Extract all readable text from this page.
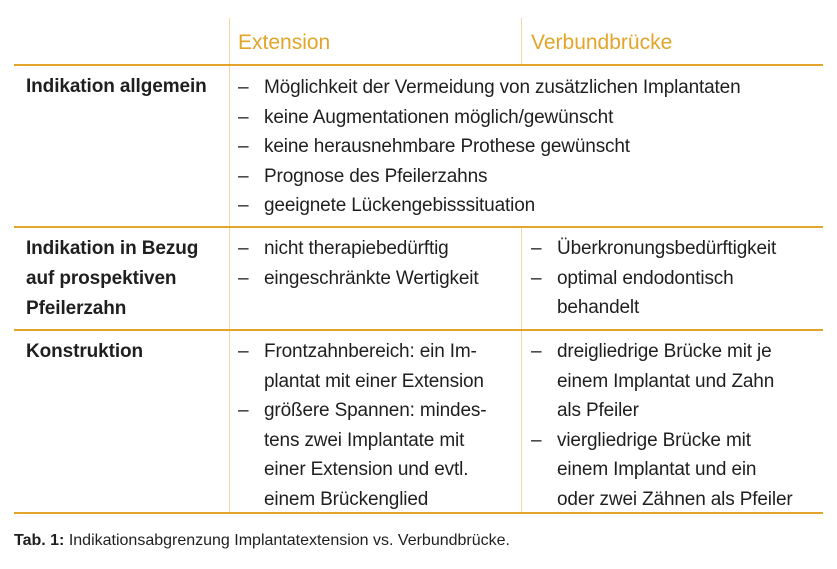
Extension	Verbundbrücke
Indikation allgemein – Möglichkeit der Vermeidung von zusätzlichen Implantaten
– keine Augmentationen möglich/gewünscht
– keine herausnehmbare Prothese gewünscht
– Prognose des Pfeilerzahns
– geeignete Lückengebisssituation
Indikation in Bezug
auf prospektiven
Pfeilerzahn
– nicht therapiebedürftig
– eingeschränkte Wertigkeit
– Überkronungsbedürftigkeit
– optimal endodontisch
behandelt
Konstruktion	– Frontzahnbereich: ein Im-
plantat mit einer Extension
– größere Spannen: mindes-
tens zwei Implantate mit
einer Extension und evtl.
einem Brückenglied
– dreigliedrige Brücke mit je
einem Implantat und Zahn
als Pfeiler
– viergliedrige Brücke mit
einem Implantat und ein
oder zwei Zähnen als Pfeiler
Tab. 1: Indikationsabgrenzung Implantatextension vs. Verbundbrücke.
